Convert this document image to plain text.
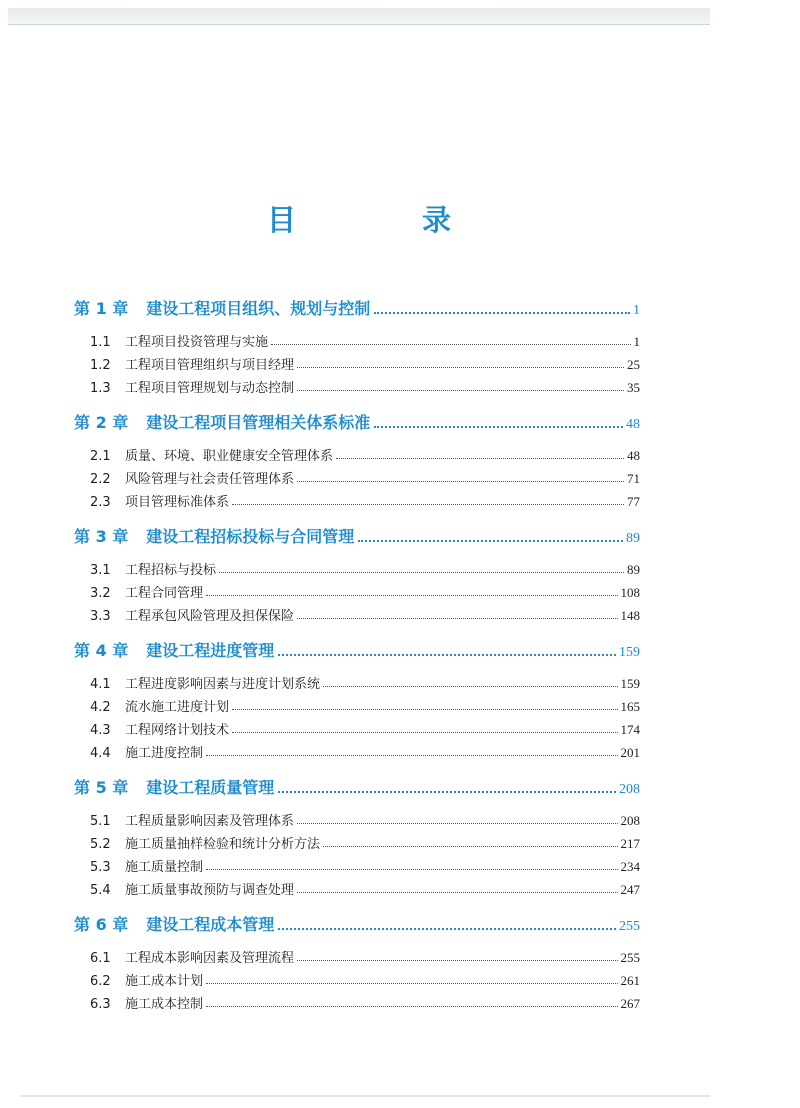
目 录
第 1 章 建设工程项目组织、规划与控制	1
1.1	工程项目投资管理与实施	1
1.2	工程项目管理组织与项目经理	25
1.3	工程项目管理规划与动态控制	35
第 2 章 建设工程项目管理相关体系标准	48
2.1	质量、环境、职业健康安全管理体系	48
2.2	风险管理与社会责任管理体系	71
2.3	项目管理标准体系	77
第 3 章 建设工程招标投标与合同管理	89
3.1	工程招标与投标	89
3.2	工程合同管理	108
3.3	工程承包风险管理及担保保险	148
第 4 章 建设工程进度管理	159
4.1	工程进度影响因素与进度计划系统	159
4.2	流水施工进度计划	165
4.3	工程网络计划技术	174
4.4	施工进度控制	201
第 5 章 建设工程质量管理	208
5.1	工程质量影响因素及管理体系	208
5.2	施工质量抽样检验和统计分析方法	217
5.3	施工质量控制	234
5.4	施工质量事故预防与调查处理	247
第 6 章 建设工程成本管理	255
6.1	工程成本影响因素及管理流程	255
6.2	施工成本计划	261
6.3	施工成本控制	267
